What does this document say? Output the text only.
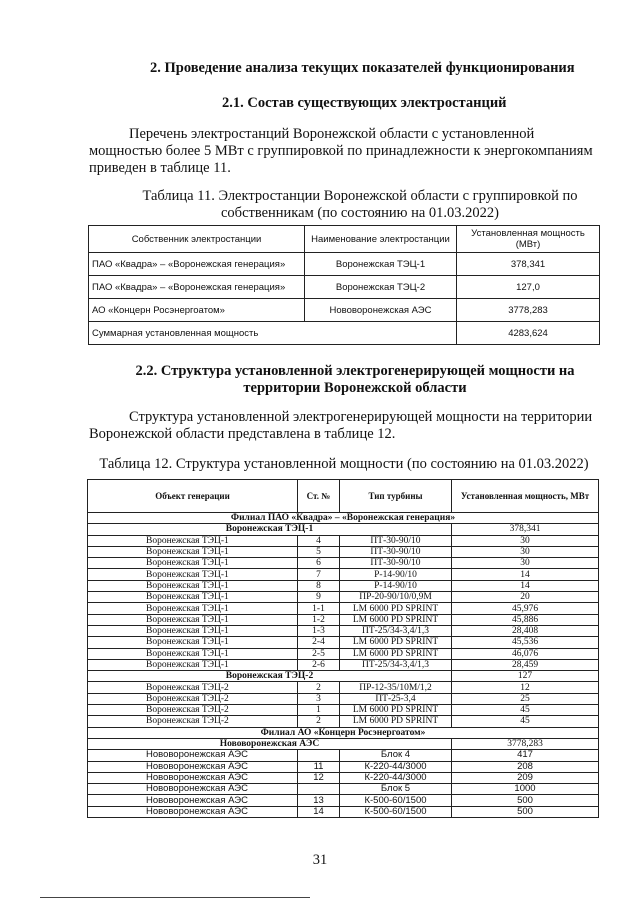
2. Проведение анализа текущих показателей функционирования
2.1. Состав существующих электростанций
Перечень электростанций Воронежской области с установленной
мощностью более 5 МВт с группировкой по принадлежности к энергокомпаниям
приведен в таблице 11.
Таблица 11. Электростанции Воронежской области с группировкой по
собственникам (по состоянию на 01.03.2022)
Собственник электростанции	Наименование электростанции	Установленная мощность (МВт)
ПАО «Квадра» – «Воронежская генерация»	Воронежская ТЭЦ-1	378,341
ПАО «Квадра» – «Воронежская генерация»	Воронежская ТЭЦ-2	127,0
АО «Концерн Росэнергоатом»	Нововоронежская АЭС	3778,283
Суммарная установленная мощность		4283,624
2.2. Структура установленной электрогенерирующей мощности на
территории Воронежской области
Структура установленной электрогенерирующей мощности на территории
Воронежской области представлена в таблице 12.
Таблица 12. Структура установленной мощности (по состоянию на 01.03.2022)
Объект генерации	Ст. №	Тип турбины	Установленная мощность, МВт
Филиал ПАО «Квадра» – «Воронежская генерация»			
Воронежская ТЭЦ-1			378,341
Воронежская ТЭЦ-1	4	ПТ-30-90/10	30
Воронежская ТЭЦ-1	5	ПТ-30-90/10	30
Воронежская ТЭЦ-1	6	ПТ-30-90/10	30
Воронежская ТЭЦ-1	7	Р-14-90/10	14
Воронежская ТЭЦ-1	8	Р-14-90/10	14
Воронежская ТЭЦ-1	9	ПР-20-90/10/0,9М	20
Воронежская ТЭЦ-1	1-1	LM 6000 PD SPRINT	45,976
Воронежская ТЭЦ-1	1-2	LM 6000 PD SPRINT	45,886
Воронежская ТЭЦ-1	1-3	ПТ-25/34-3,4/1,3	28,408
Воронежская ТЭЦ-1	2-4	LM 6000 PD SPRINT	45,536
Воронежская ТЭЦ-1	2-5	LM 6000 PD SPRINT	46,076
Воронежская ТЭЦ-1	2-6	ПТ-25/34-3,4/1,3	28,459
Воронежская ТЭЦ-2			127
Воронежская ТЭЦ-2	2	ПР-12-35/10М/1,2	12
Воронежская ТЭЦ-2	3	ПТ-25-3,4	25
Воронежская ТЭЦ-2	1	LM 6000 PD SPRINT	45
Воронежская ТЭЦ-2	2	LM 6000 PD SPRINT	45
Филиал АО «Концерн Росэнергоатом»			
Нововоронежская АЭС			3778,283
Нововоронежская АЭС		Блок 4	417
Нововоронежская АЭС	11	К-220-44/3000	208
Нововоронежская АЭС	12	К-220-44/3000	209
Нововоронежская АЭС		Блок 5	1000
Нововоронежская АЭС	13	К-500-60/1500	500
Нововоронежская АЭС	14	К-500-60/1500	500
31
